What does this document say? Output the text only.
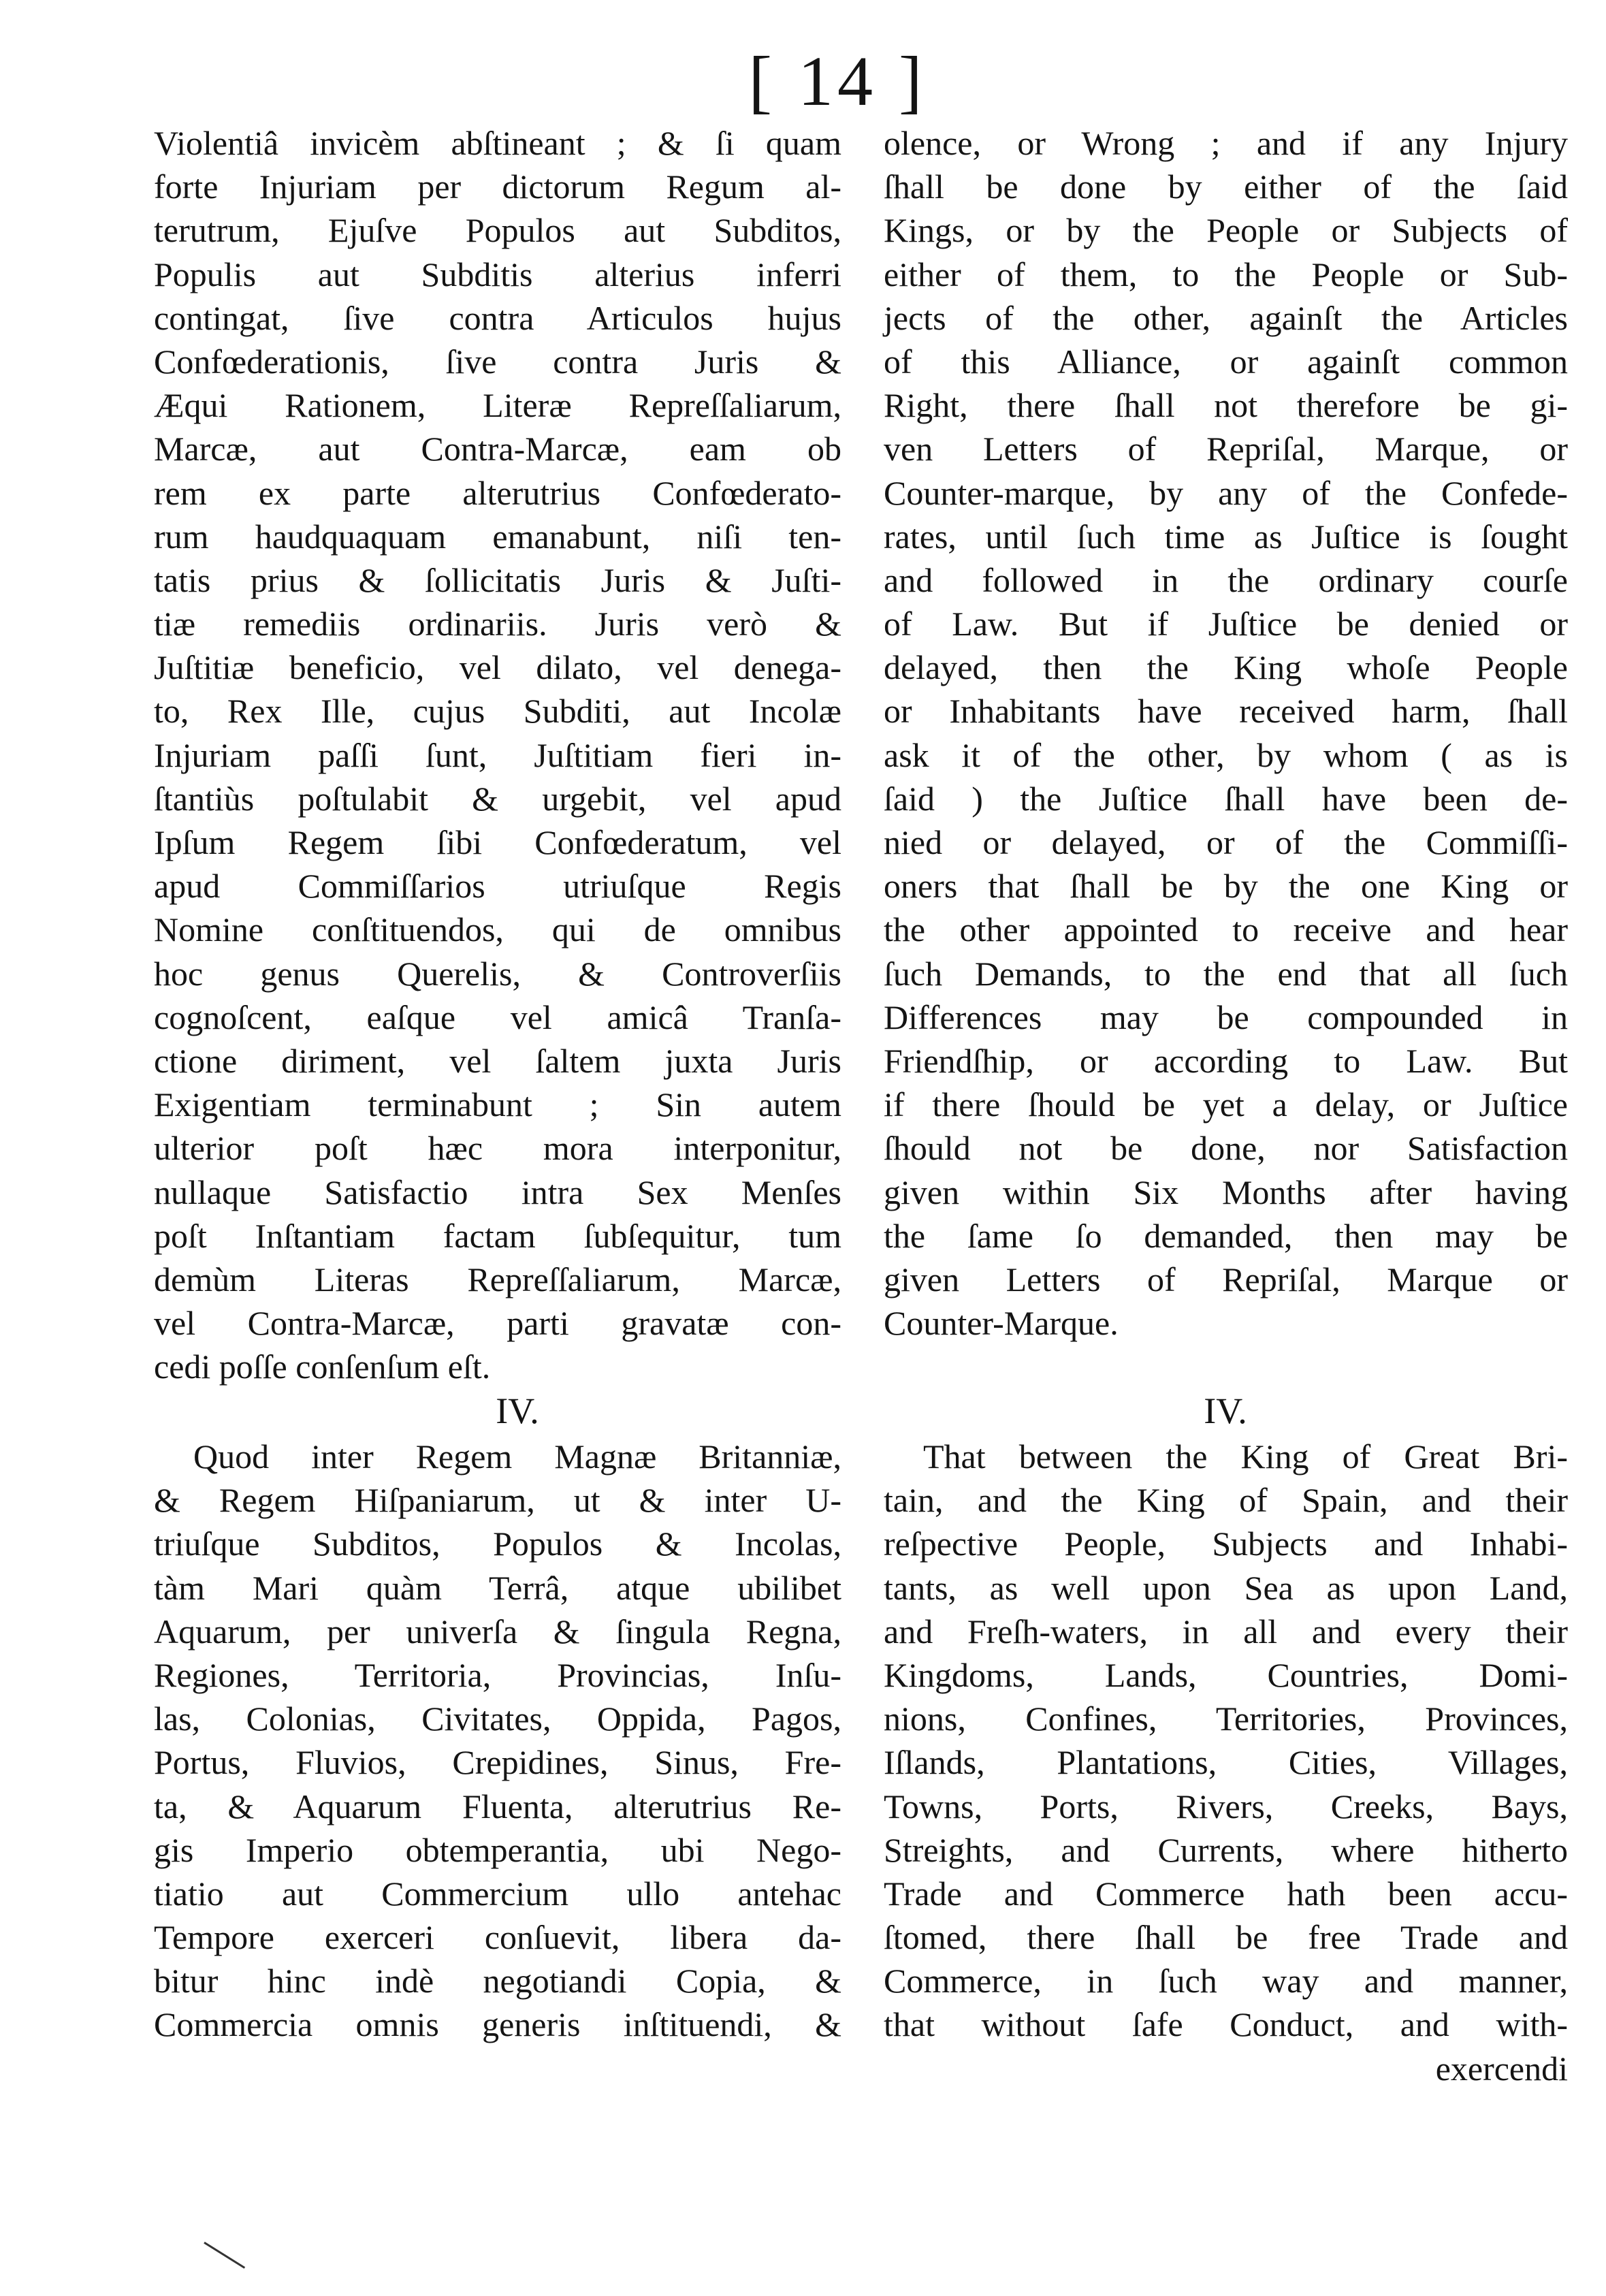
[ 14 ]
Violentiâ invicèm abſtineant ; & ſi quam
forte Injuriam per dictorum Regum al-
terutrum, Ejuſve Populos aut Subditos,
Populis aut Subditis alterius inferri
contingat, ſive contra Articulos hujus
Confœderationis, ſive contra Juris &
Æqui Rationem, Literæ Repreſſaliarum,
Marcæ, aut Contra-Marcæ, eam ob
rem ex parte alterutrius Confœderato-
rum haudquaquam emanabunt, niſi ten-
tatis prius & ſollicitatis Juris & Juſti-
tiæ remediis ordinariis. Juris verò &
Juſtitiæ beneficio, vel dilato, vel denega-
to, Rex Ille, cujus Subditi, aut Incolæ
Injuriam paſſi ſunt, Juſtitiam fieri in-
ſtantiùs poſtulabit & urgebit, vel apud
Ipſum Regem ſibi Confœderatum, vel
apud Commiſſarios utriuſque Regis
Nomine conſtituendos, qui de omnibus
hoc genus Querelis, & Controverſiis
cognoſcent, eaſque vel amicâ Tranſa-
ctione diriment, vel ſaltem juxta Juris
Exigentiam terminabunt ; Sin autem
ulterior poſt hæc mora interponitur,
nullaque Satisfactio intra Sex Menſes
poſt Inſtantiam factam ſubſequitur, tum
demùm Literas Repreſſaliarum, Marcæ,
vel Contra-Marcæ, parti gravatæ con-
cedi poſſe conſenſum eſt.
olence, or Wrong ; and if any Injury
ſhall be done by either of the ſaid
Kings, or by the People or Subjects of
either of them, to the People or Sub-
jects of the other, againſt the Articles
of this Alliance, or againſt common
Right, there ſhall not therefore be gi-
ven Letters of Repriſal, Marque, or
Counter-marque, by any of the Confede-
rates, until ſuch time as Juſtice is ſought
and followed in the ordinary courſe
of Law. But if Juſtice be denied or
delayed, then the King whoſe People
or Inhabitants have received harm, ſhall
ask it of the other, by whom ( as is
ſaid ) the Juſtice ſhall have been de-
nied or delayed, or of the Commiſſi-
oners that ſhall be by the one King or
the other appointed to receive and hear
ſuch Demands, to the end that all ſuch
Differences may be compounded in
Friendſhip, or according to Law. But
if there ſhould be yet a delay, or Juſtice
ſhould not be done, nor Satisfaction
given within Six Months after having
the ſame ſo demanded, then may be
given Letters of Repriſal, Marque or
Counter-Marque.
IV.	IV.
Quod inter Regem Magnæ Britanniæ,
& Regem Hiſpaniarum, ut & inter U-
triuſque Subditos, Populos & Incolas,
tàm Mari quàm Terrâ, atque ubilibet
Aquarum, per univerſa & ſingula Regna,
Regiones, Territoria, Provincias, Inſu-
las, Colonias, Civitates, Oppida, Pagos,
Portus, Fluvios, Crepidines, Sinus, Fre-
ta, & Aquarum Fluenta, alterutrius Re-
gis Imperio obtemperantia, ubi Nego-
tiatio aut Commercium ullo antehac
Tempore exerceri conſuevit, libera da-
bitur hinc indè negotiandi Copia, &
Commercia omnis generis inſtituendi, &
That between the King of Great Bri-
tain, and the King of Spain, and their
reſpective People, Subjects and Inhabi-
tants, as well upon Sea as upon Land,
and Freſh-waters, in all and every their
Kingdoms, Lands, Countries, Domi-
nions, Confines, Territories, Provinces,
Iſlands, Plantations, Cities, Villages,
Towns, Ports, Rivers, Creeks, Bays,
Streights, and Currents, where hitherto
Trade and Commerce hath been accu-
ſtomed, there ſhall be free Trade and
Commerce, in ſuch way and manner,
that without ſafe Conduct, and with-
exercendi
